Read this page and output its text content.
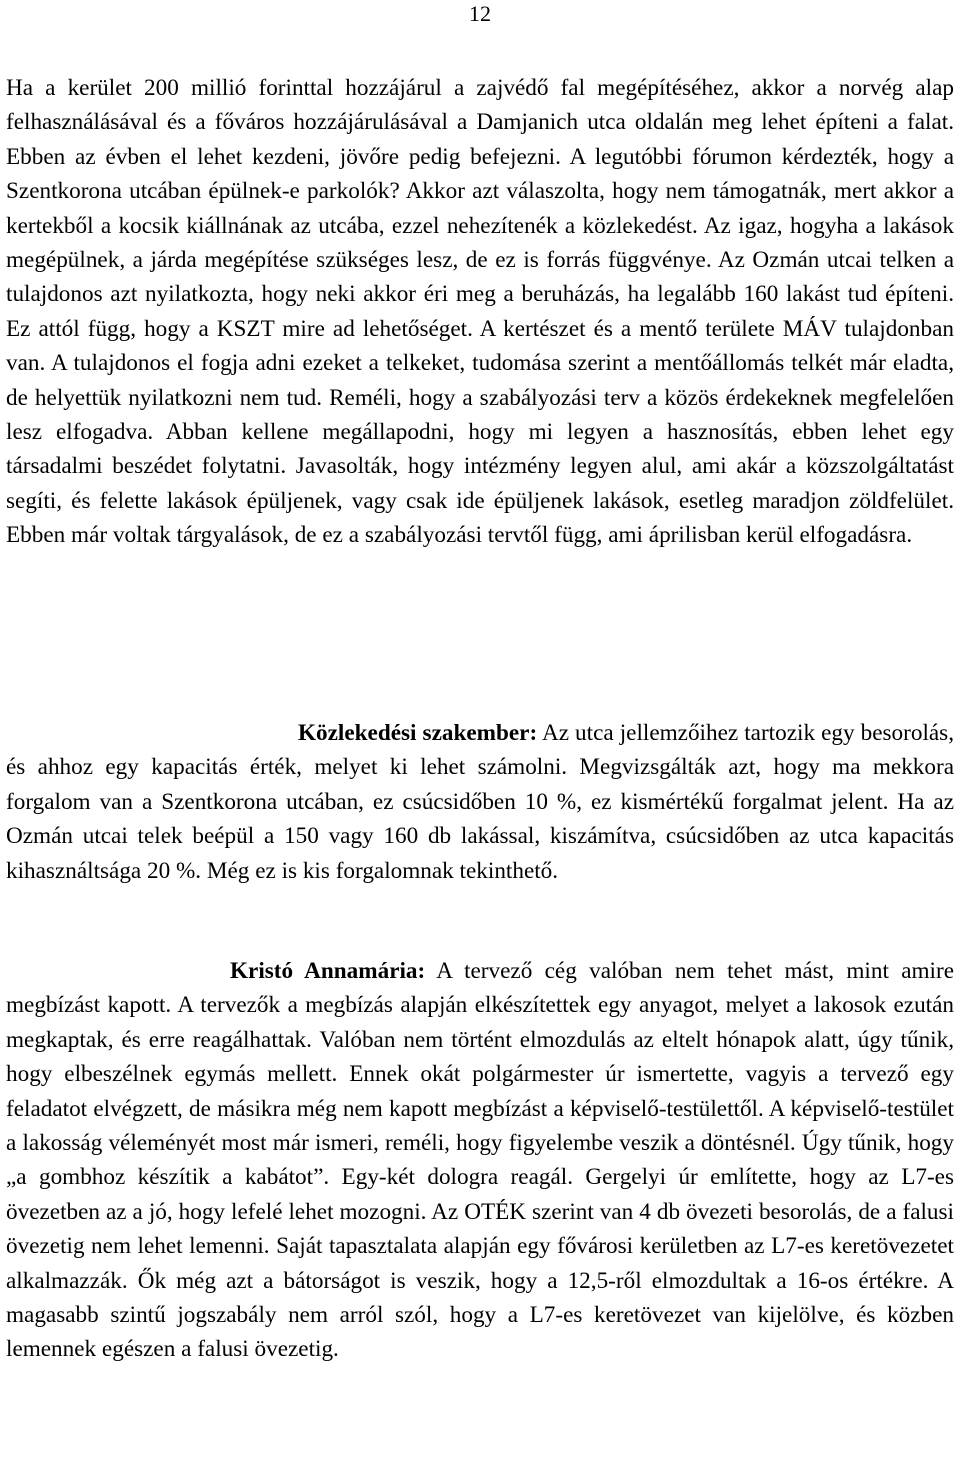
12

Ha a kerület 200 millió forinttal hozzájárul a zajvédő fal megépítéséhez, akkor a norvég alap felhasználásával és a főváros hozzájárulásával a Damjanich utca oldalán meg lehet építeni a falat. Ebben az évben el lehet kezdeni, jövőre pedig befejezni. A legutóbbi fórumon kérdezték, hogy a Szentkorona utcában épülnek-e parkolók? Akkor azt válaszolta, hogy nem támogatnák, mert akkor a kertekből a kocsik kiállnának az utcába, ezzel nehezítenék a közlekedést. Az igaz, hogyha a lakások megépülnek, a járda megépítése szükséges lesz, de ez is forrás függvénye. Az Ozmán utcai telken a tulajdonos azt nyilatkozta, hogy neki akkor éri meg a beruházás, ha legalább 160 lakást tud építeni. Ez attól függ, hogy a KSZT mire ad lehetőséget. A kertészet és a mentő területe MÁV tulajdonban van. A tulajdonos el fogja adni ezeket a telkeket, tudomása szerint a mentőállomás telkét már eladta, de helyettük nyilatkozni nem tud. Reméli, hogy a szabályozási terv a közös érdekeknek megfelelően lesz elfogadva. Abban kellene megállapodni, hogy mi legyen a hasznosítás, ebben lehet egy társadalmi beszédet folytatni. Javasolták, hogy intézmény legyen alul, ami akár a közszolgáltatást segíti, és felette lakások épüljenek, vagy csak ide épüljenek lakások, esetleg maradjon zöldfelület. Ebben már voltak tárgyalások, de ez a szabályozási tervtől függ, ami áprilisban kerül elfogadásra.

Közlekedési szakember: Az utca jellemzőihez tartozik egy besorolás, és ahhoz egy kapacitás érték, melyet ki lehet számolni. Megvizsgálták azt, hogy ma mekkora forgalom van a Szentkorona utcában, ez csúcsidőben 10 %, ez kismértékű forgalmat jelent. Ha az Ozmán utcai telek beépül a 150 vagy 160 db lakással, kiszámítva, csúcsidőben az utca kapacitás kihasználtsága 20 %. Még ez is kis forgalomnak tekinthető.

Kristó Annamária: A tervező cég valóban nem tehet mást, mint amire megbízást kapott. A tervezők a megbízás alapján elkészítettek egy anyagot, melyet a lakosok ezután megkaptak, és erre reagálhattak. Valóban nem történt elmozdulás az eltelt hónapok alatt, úgy tűnik, hogy elbeszélnek egymás mellett. Ennek okát polgármester úr ismertette, vagyis a tervező egy feladatot elvégzett, de másikra még nem kapott megbízást a képviselő-testülettől. A képviselő-testület a lakosság véleményét most már ismeri, reméli, hogy figyelembe veszik a döntésnél. Úgy tűnik, hogy „a gombhoz készítik a kabátot”. Egy-két dologra reagál. Gergelyi úr említette, hogy az L7-es övezetben az a jó, hogy lefelé lehet mozogni. Az OTÉK szerint van 4 db övezeti besorolás, de a falusi övezetig nem lehet lemenni. Saját tapasztalata alapján egy fővárosi kerületben az L7-es keretövezetet alkalmazzák. Ők még azt a bátorságot is veszik, hogy a 12,5-ről elmozdultak a 16-os értékre. A magasabb szintű jogszabály nem arról szól, hogy a L7-es keretövezet van kijelölve, és közben lemennek egészen a falusi övezetig.
